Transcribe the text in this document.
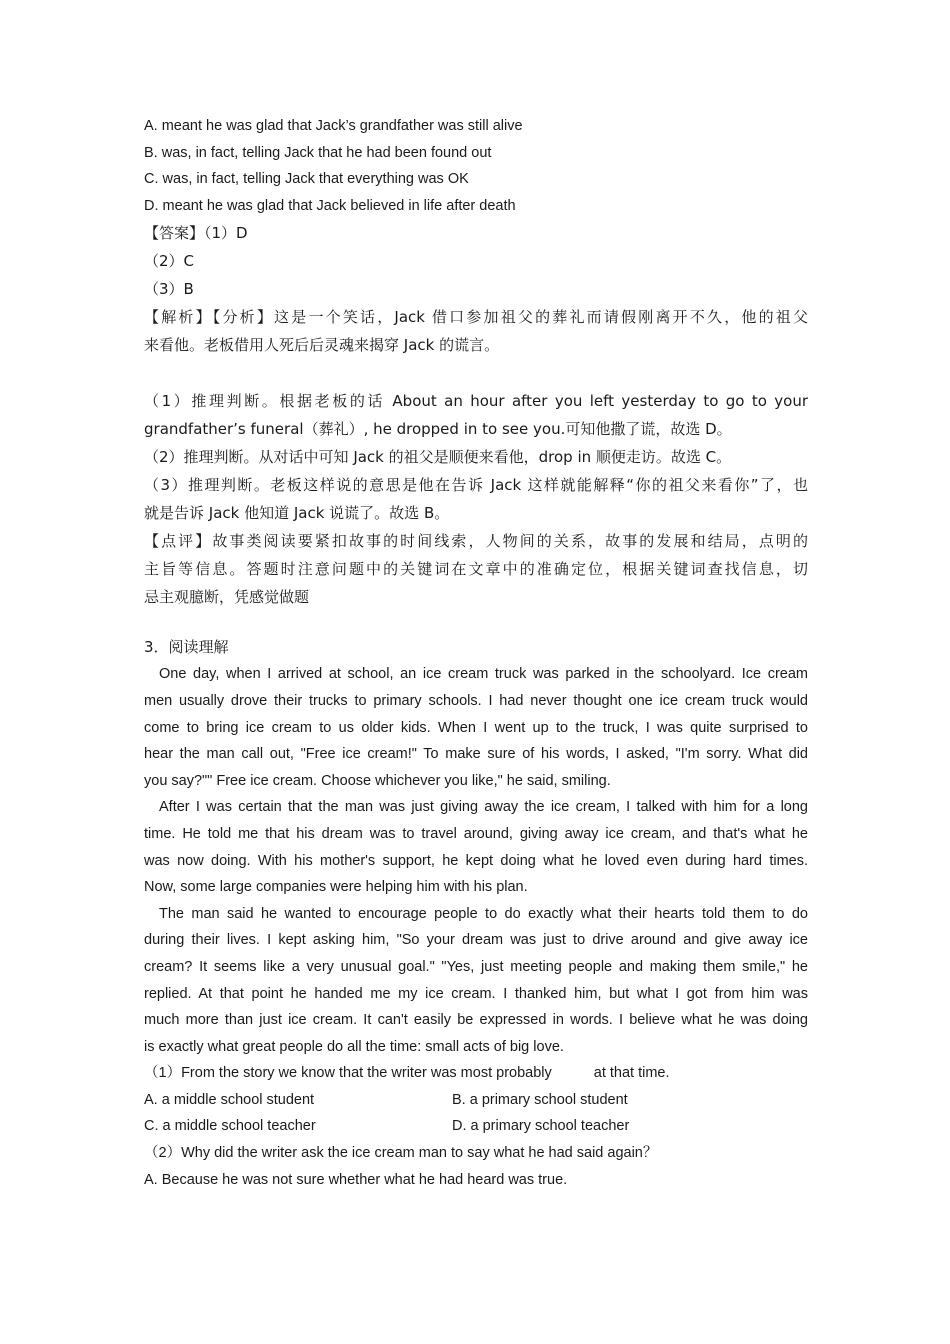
A. meant he was glad that Jack’s grandfather was still alive
B. was, in fact, telling Jack that he had been found out
C. was, in fact, telling Jack that everything was OK
D. meant he was glad that Jack believed in life after death
【答案】（1）D
（2）C
（3）B
【解析】【分析】这是一个笑话，Jack 借口参加祖父的葬礼而请假刚离开不久，他的祖父
来看他。老板借用人死后后灵魂来揭穿 Jack 的谎言。
（1）推理判断。根据老板的话 About an hour after you left yesterday to go to your
grandfather’s funeral（葬礼）, he dropped in to see you.可知他撒了谎，故选 D。
（2）推理判断。从对话中可知 Jack 的祖父是顺便来看他，drop in 顺便走访。故选 C。
（3）推理判断。老板这样说的意思是他在告诉 Jack 这样就能解释“你的祖父来看你”了，也
就是告诉 Jack 他知道 Jack 说谎了。故选 B。
【点评】故事类阅读要紧扣故事的时间线索，人物间的关系，故事的发展和结局，点明的
主旨等信息。答题时注意问题中的关键词在文章中的准确定位，根据关键词查找信息，切
忌主观臆断，凭感觉做题
3．阅读理解
One day, when I arrived at school, an ice cream truck was parked in the schoolyard. Ice cream
men usually drove their trucks to primary schools. I had never thought one ice cream truck would
come to bring ice cream to us older kids. When I went up to the truck, I was quite surprised to
hear the man call out, "Free ice cream!" To make sure of his words, I asked, "I'm sorry. What did
you say?"" Free ice cream. Choose whichever you like," he said, smiling.
After I was certain that the man was just giving away the ice cream, I talked with him for a long
time. He told me that his dream was to travel around, giving away ice cream, and that's what he
was now doing. With his mother's support, he kept doing what he loved even during hard times.
Now, some large companies were helping him with his plan.
The man said he wanted to encourage people to do exactly what their hearts told them to do
during their lives. I kept asking him, "So your dream was just to drive around and give away ice
cream? It seems like a very unusual goal." "Yes, just meeting people and making them smile," he
replied. At that point he handed me my ice cream. I thanked him, but what I got from him was
much more than just ice cream. It can't easily be expressed in words. I believe what he was doing
is exactly what great people do all the time: small acts of big love.
（1）From the story we know that the writer was most probably	at that time.
A. a middle school student	B. a primary school student
C. a middle school teacher	D. a primary school teacher
（2）Why did the writer ask the ice cream man to say what he had said again？
A. Because he was not sure whether what he had heard was true.
